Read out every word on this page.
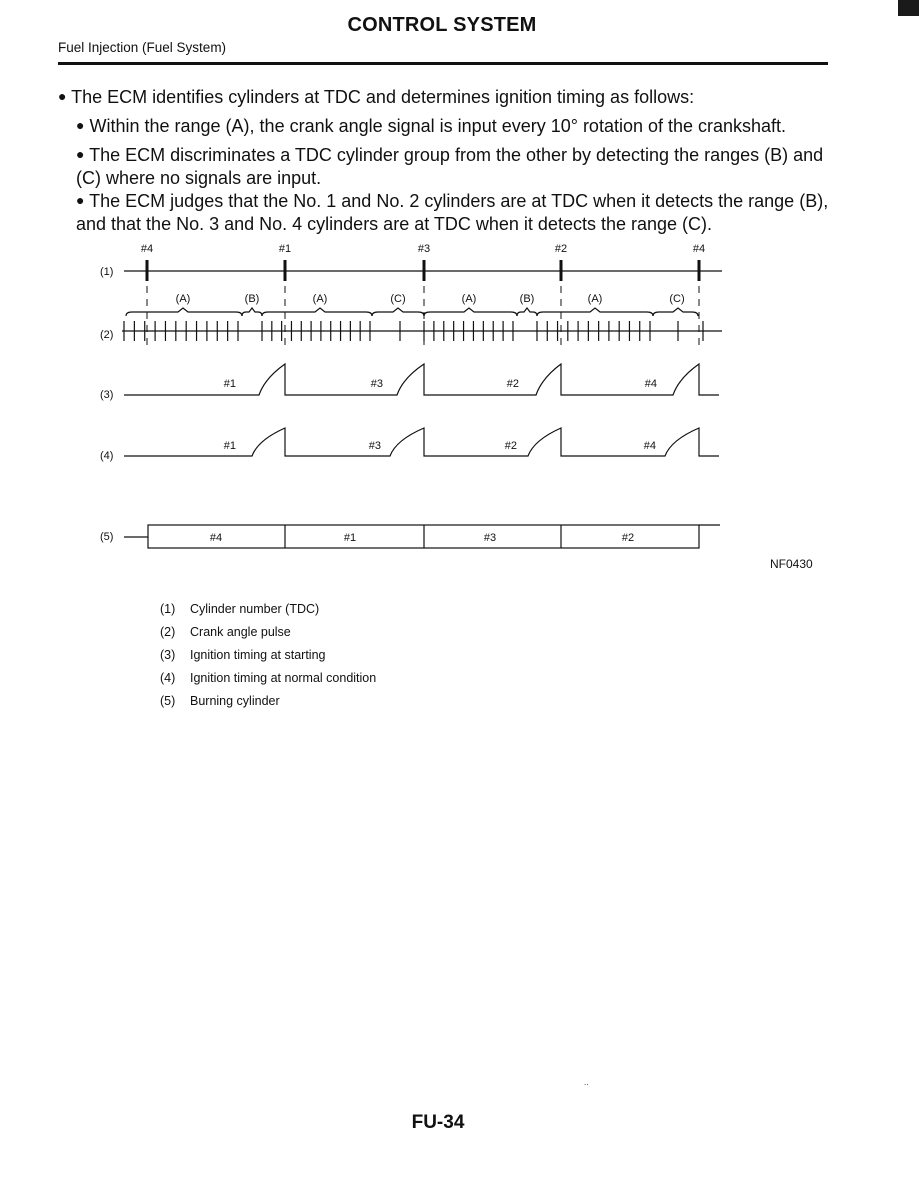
CONTROL SYSTEM
Fuel Injection (Fuel System)
● The ECM identifies cylinders at TDC and determines ignition timing as follows:
● Within the range (A), the crank angle signal is input every 10° rotation of the crankshaft.
● The ECM discriminates a TDC cylinder group from the other by detecting the ranges (B) and (C) where no signals are input.
● The ECM judges that the No. 1 and No. 2 cylinders are at TDC when it detects the range (B), and that the No. 3 and No. 4 cylinders are at TDC when it detects the range (C).
(1)
(2)
(3)
(4)
(5)
#4	#1	#3	#2	#4
(A)	(B)	(A)	(C)	(A)	(B)	(A)	(C)
#1	#3	#2	#4
#1	#3	#2	#4
#4	#1	#3	#2
NF0430
(1) Cylinder number (TDC)
(2) Crank angle pulse
(3) Ignition timing at starting
(4) Ignition timing at normal condition
(5) Burning cylinder
..
FU-34
